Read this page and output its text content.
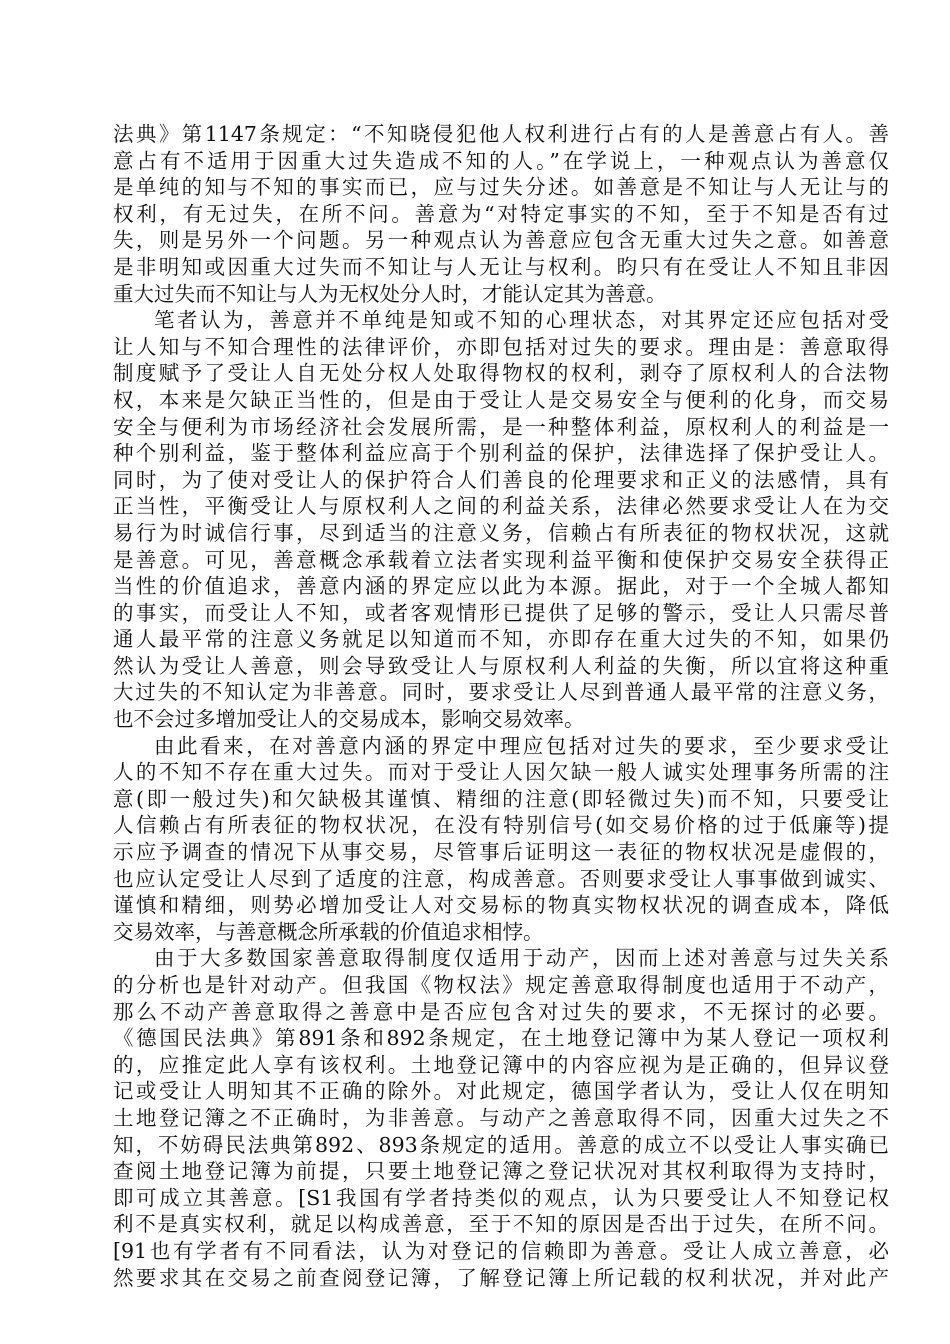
法典》第1147条规定：“不知晓侵犯他人权利进行占有的人是善意占有人。善
意占有不适用于因重大过失造成不知的人。”在学说上，一种观点认为善意仅
是单纯的知与不知的事实而已，应与过失分述。如善意是不知让与人无让与的
权利，有无过失，在所不问。善意为“对特定事实的不知，至于不知是否有过
失，则是另外一个问题。另一种观点认为善意应包含无重大过失之意。如善意
是非明知或因重大过失而不知让与人无让与权利。昀只有在受让人不知且非因
重大过失而不知让与人为无权处分人时，才能认定其为善意。
笔者认为，善意并不单纯是知或不知的心理状态，对其界定还应包括对受
让人知与不知合理性的法律评价，亦即包括对过失的要求。理由是：善意取得
制度赋予了受让人自无处分权人处取得物权的权利，剥夺了原权利人的合法物
权，本来是欠缺正当性的，但是由于受让人是交易安全与便利的化身，而交易
安全与便利为市场经济社会发展所需，是一种整体利益，原权利人的利益是一
种个别利益，鉴于整体利益应高于个别利益的保护，法律选择了保护受让人。
同时，为了使对受让人的保护符合人们善良的伦理要求和正义的法感情，具有
正当性，平衡受让人与原权利人之间的利益关系，法律必然要求受让人在为交
易行为时诚信行事，尽到适当的注意义务，信赖占有所表征的物权状况，这就
是善意。可见，善意概念承载着立法者实现利益平衡和使保护交易安全获得正
当性的价值追求，善意内涵的界定应以此为本源。据此，对于一个全城人都知
的事实，而受让人不知，或者客观情形已提供了足够的警示，受让人只需尽普
通人最平常的注意义务就足以知道而不知，亦即存在重大过失的不知，如果仍
然认为受让人善意，则会导致受让人与原权利人利益的失衡，所以宜将这种重
大过失的不知认定为非善意。同时，要求受让人尽到普通人最平常的注意义务，
也不会过多增加受让人的交易成本，影响交易效率。
由此看来，在对善意内涵的界定中理应包括对过失的要求，至少要求受让
人的不知不存在重大过失。而对于受让人因欠缺一般人诚实处理事务所需的注
意(即一般过失)和欠缺极其谨慎、精细的注意(即轻微过失)而不知，只要受让
人信赖占有所表征的物权状况，在没有特别信号(如交易价格的过于低廉等)提
示应予调查的情况下从事交易，尽管事后证明这一表征的物权状况是虚假的，
也应认定受让人尽到了适度的注意，构成善意。否则要求受让人事事做到诚实、
谨慎和精细，则势必增加受让人对交易标的物真实物权状况的调查成本，降低
交易效率，与善意概念所承载的价值追求相悖。
由于大多数国家善意取得制度仅适用于动产，因而上述对善意与过失关系
的分析也是针对动产。但我国《物权法》规定善意取得制度也适用于不动产，
那么不动产善意取得之善意中是否应包含对过失的要求，不无探讨的必要。
《德国民法典》第891条和892条规定，在土地登记簿中为某人登记一项权利
的，应推定此人享有该权利。土地登记簿中的内容应视为是正确的，但异议登
记或受让人明知其不正确的除外。对此规定，德国学者认为，受让人仅在明知
土地登记簿之不正确时，为非善意。与动产之善意取得不同，因重大过失之不
知，不妨碍民法典第892、893条规定的适用。善意的成立不以受让人事实确已
查阅土地登记簿为前提，只要土地登记簿之登记状况对其权利取得为支持时，
即可成立其善意。[S1我国有学者持类似的观点，认为只要受让人不知登记权
利不是真实权利，就足以构成善意，至于不知的原因是否出于过失，在所不问。
[91也有学者有不同看法，认为对登记的信赖即为善意。受让人成立善意，必
然要求其在交易之前查阅登记簿，了解登记簿上所记载的权利状况，并对此产
